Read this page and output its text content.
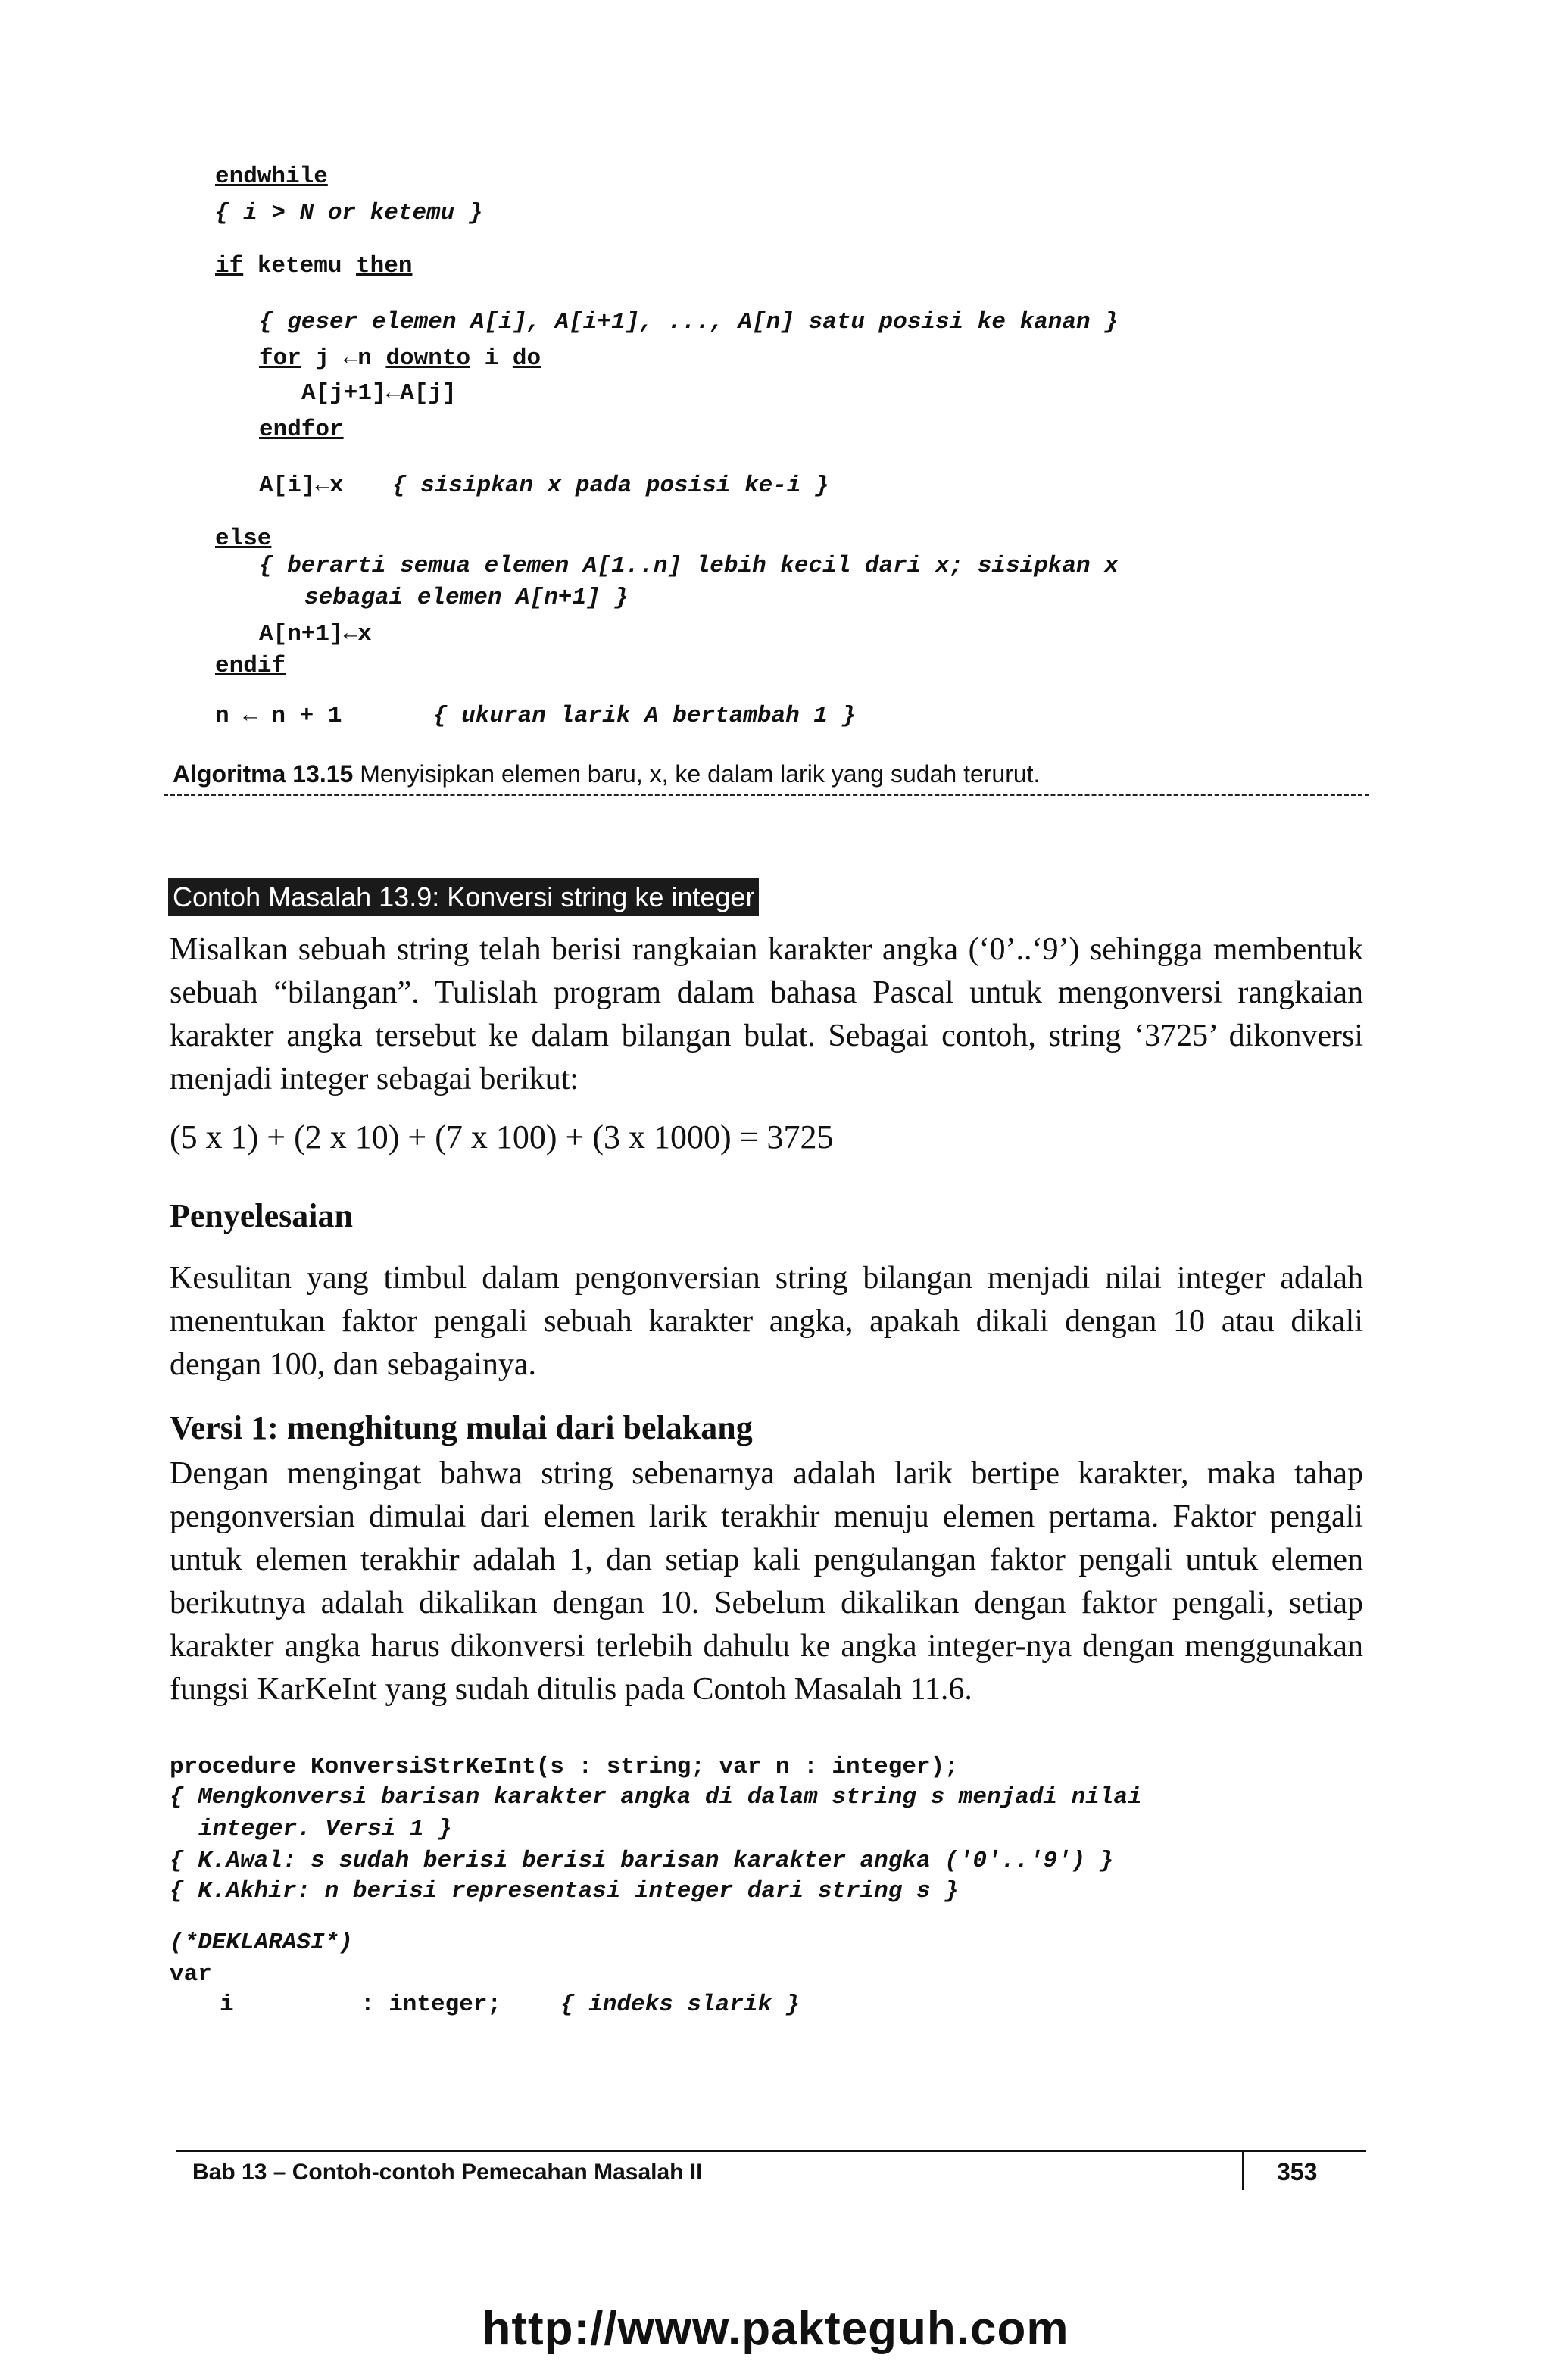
endwhile
{ i > N or ketemu }
if ketemu then
{ geser elemen A[i], A[i+1], ..., A[n] satu posisi ke kanan }
for j ←n downto i do
A[j+1]←A[j]
endfor
A[i]←x { sisipkan x pada posisi ke-i }
else
{ berarti semua elemen A[1..n] lebih kecil dari x; sisipkan x
sebagai elemen A[n+1] }
A[n+1]←x
endif
n ← n + 1	{ ukuran larik A bertambah 1 }
Algoritma 13.15 Menyisipkan elemen baru, x, ke dalam larik yang sudah terurut.
Contoh Masalah 13.9: Konversi string ke integer
Misalkan sebuah string telah berisi rangkaian karakter angka (‘0’..‘9’) sehingga membentuk sebuah “bilangan”. Tulislah program dalam bahasa Pascal untuk mengonversi rangkaian karakter angka tersebut ke dalam bilangan bulat. Sebagai contoh, string ‘3725’ dikonversi menjadi integer sebagai berikut:
(5 x 1) + (2 x 10) + (7 x 100) + (3 x 1000) = 3725
Penyelesaian
Kesulitan yang timbul dalam pengonversian string bilangan menjadi nilai integer adalah menentukan faktor pengali sebuah karakter angka, apakah dikali dengan 10 atau dikali dengan 100, dan sebagainya.
Versi 1: menghitung mulai dari belakang
Dengan mengingat bahwa string sebenarnya adalah larik bertipe karakter, maka tahap pengonversian dimulai dari elemen larik terakhir menuju elemen pertama. Faktor pengali untuk elemen terakhir adalah 1, dan setiap kali pengulangan faktor pengali untuk elemen berikutnya adalah dikalikan dengan 10. Sebelum dikalikan dengan faktor pengali, setiap karakter angka harus dikonversi terlebih dahulu ke angka integer-nya dengan menggunakan fungsi KarKeInt yang sudah ditulis pada Contoh Masalah 11.6.
procedure KonversiStrKeInt(s : string; var n : integer);
{ Mengkonversi barisan karakter angka di dalam string s menjadi nilai
integer. Versi 1 }
{ K.Awal: s sudah berisi berisi barisan karakter angka ('0'..'9') }
{ K.Akhir: n berisi representasi integer dari string s }
(*DEKLARASI*)
var
i	: integer;	{ indeks slarik }
Bab 13 – Contoh-contoh Pemecahan Masalah II	353
http://www.pakteguh.com
